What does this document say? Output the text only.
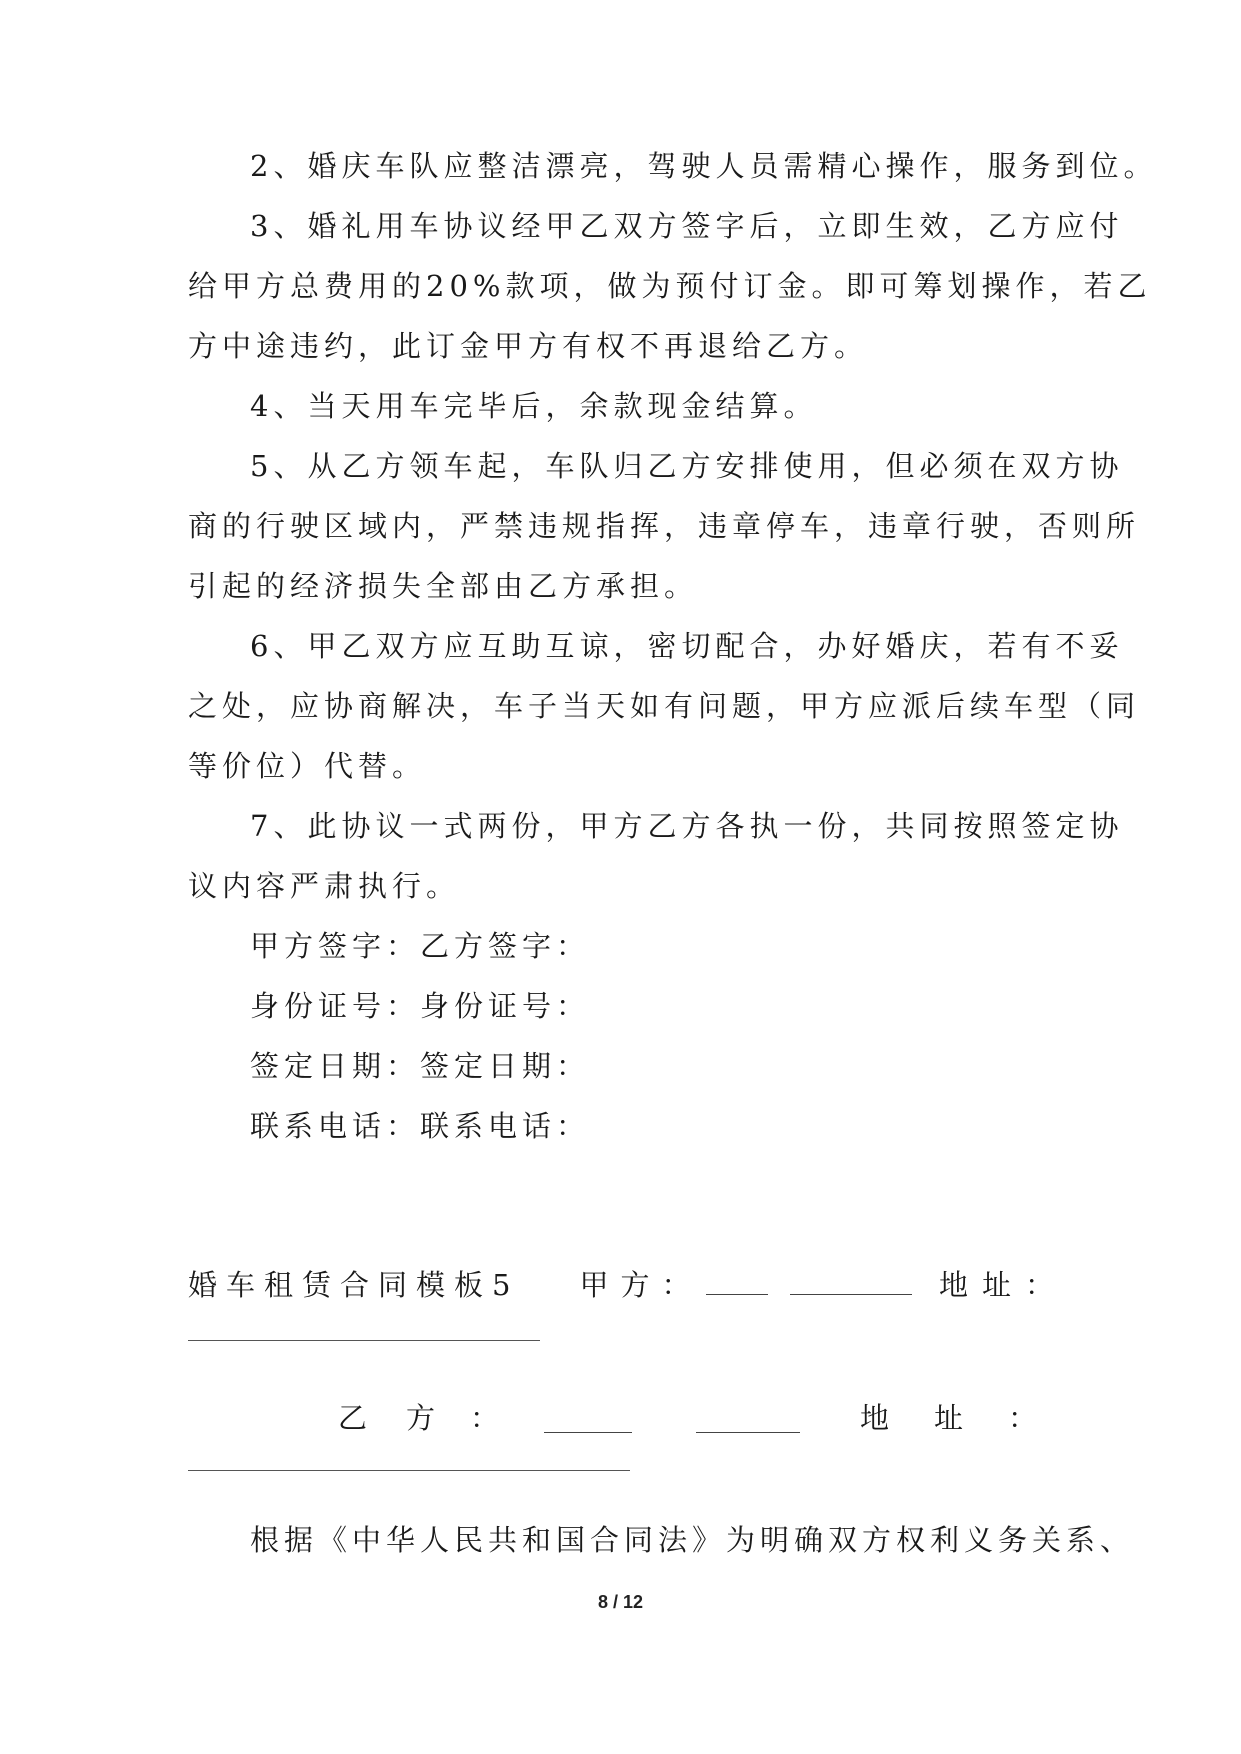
2、婚庆车队应整洁漂亮，驾驶人员需精心操作，服务到位。
3、婚礼用车协议经甲乙双方签字后，立即生效，乙方应付
给甲方总费用的20%款项，做为预付订金。即可筹划操作，若乙
方中途违约，此订金甲方有权不再退给乙方。
4、当天用车完毕后，余款现金结算。
5、从乙方领车起，车队归乙方安排使用，但必须在双方协
商的行驶区域内，严禁违规指挥，违章停车，违章行驶，否则所
引起的经济损失全部由乙方承担。
6、甲乙双方应互助互谅，密切配合，办好婚庆，若有不妥
之处，应协商解决，车子当天如有问题，甲方应派后续车型（同
等价位）代替。
7、此协议一式两份，甲方乙方各执一份，共同按照签定协
议内容严肃执行。
甲方签字：乙方签字：
身份证号：身份证号：
签定日期：签定日期：
联系电话：联系电话：
婚车租赁合同模板5 甲方：	地址：
乙 方 ：	地 址 ：
根据《中华人民共和国合同法》为明确双方权利义务关系、
8 / 12
